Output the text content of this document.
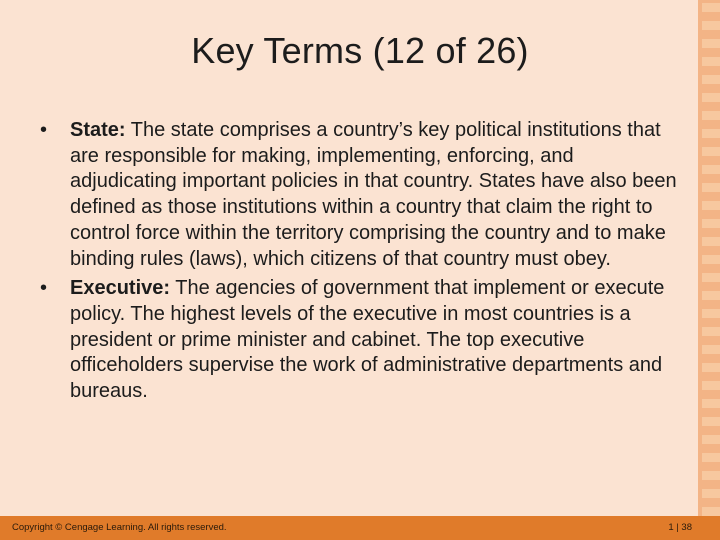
Key Terms (12 of 26)
•	State: The state comprises a country’s key political institutions that are responsible for making, implementing, enforcing, and adjudicating important policies in that country. States have also been defined as those institutions within a country that claim the right to control force within the territory comprising the country and to make binding rules (laws), which citizens of that country must obey.
•	Executive: The agencies of government that implement or execute policy. The highest levels of the executive in most countries is a president or prime minister and cabinet. The top executive officeholders supervise the work of administrative departments and bureaus.
Copyright © Cengage Learning. All rights reserved.	1 | 38
